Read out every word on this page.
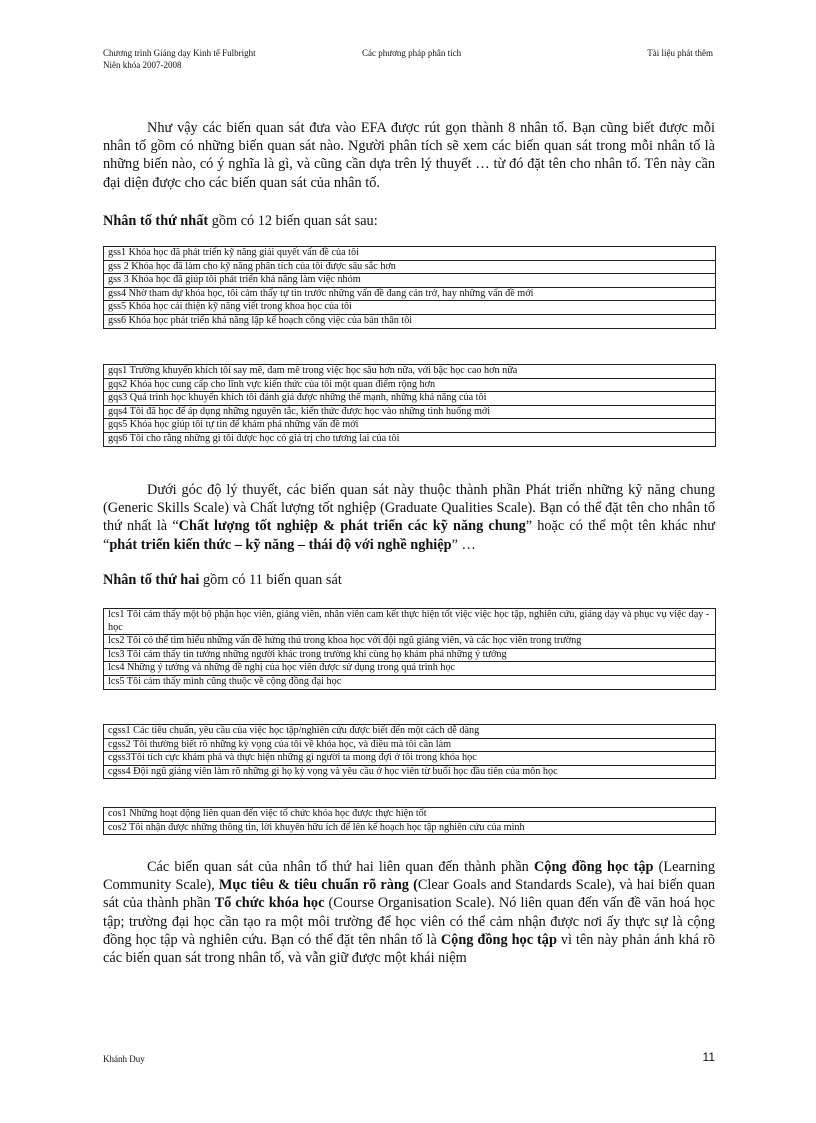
Chương trình Giảng dạy Kinh tế Fulbright
Niên khóa 2007-2008
Các phương pháp phân tích	Tài liệu phát thêm

Như vậy các biến quan sát đưa vào EFA được rút gọn thành 8 nhân tố. Bạn cũng biết được mỗi nhân tố gồm có những biến quan sát nào. Người phân tích sẽ xem các biến quan sát trong mỗi nhân tố là những biến nào, có ý nghĩa là gì, và cũng cần dựa trên lý thuyết … từ đó đặt tên cho nhân tố. Tên này cần đại diện được cho các biến quan sát của nhân tố.

Nhân tố thứ nhất gồm có 12 biến quan sát sau:
gss1 Khóa học đã phát triển kỹ năng giải quyết vấn đề của tôi
gss 2 Khóa học đã làm cho kỹ năng phân tích của tôi được sâu sắc hơn
gss 3 Khóa học đã giúp tôi phát triển khả năng làm việc nhóm
gss4 Nhờ tham dự khóa học, tôi cảm thấy tự tin trước những vấn đề đang cản trở, hay những vấn đề mới
gss5 Khóa học cải thiện kỹ năng viết trong khoa học của tôi
gss6 Khóa học phát triển khả năng lập kế hoạch công việc của bản thân tôi
gqs1 Trường khuyến khích tôi say mê, đam mê trong việc học sâu hơn nữa, với bậc học cao hơn nữa
gqs2 Khóa học cung cấp cho lĩnh vực kiến thức của tôi một quan điểm rộng hơn
gqs3 Quá trình học khuyến khích tôi đánh giá được những thế mạnh, những khả năng của tôi
gqs4 Tôi đã học để áp dụng những nguyên tắc, kiến thức được học vào những tình huống mới
gqs5 Khóa học giúp tôi tự tin để khám phá những vấn đề mới
gqs6 Tôi cho rằng những gì tôi được học có giá trị cho tương lai của tôi

Dưới góc độ lý thuyết, các biến quan sát này thuộc thành phần Phát triển những kỹ năng chung (Generic Skills Scale) và Chất lượng tốt nghiệp (Graduate Qualities Scale). Bạn có thể đặt tên cho nhân tố thứ nhất là “Chất lượng tốt nghiệp & phát triển các kỹ năng chung” hoặc có thể một tên khác như “phát triển kiến thức – kỹ năng – thái độ với nghề nghiệp” …

Nhân tố thứ hai gồm có 11 biến quan sát
lcs1 Tôi cảm thấy một bộ phận học viên, giảng viên, nhân viên cam kết thực hiện tốt việc việc học tập, nghiên cứu, giảng dạy và phục vụ việc dạy - học
lcs2 Tôi có thể tìm hiểu những vấn đề hứng thú trong khoa học với đội ngũ giảng viên, và các học viên trong trường
lcs3 Tôi cảm thấy tin tưởng những người khác trong trường khi cùng họ khám phá những ý tưởng
lcs4 Những ý tưởng và những đề nghị của học viên được sử dụng trong quá trình học
lcs5 Tôi cảm thấy mình cũng thuộc về cộng đồng đại học
cgss1 Các tiêu chuẩn, yêu cầu của việc học tập/nghiên cứu được biết đến một cách dễ dàng
cgss2 Tôi thường biết rõ những kỳ vọng của tôi về khóa học, và điều mà tôi cần làm
cgss3Tôi tích cực khám phá và thực hiện những gì người ta mong đợi ở tôi trong khóa học
cgss4 Đội ngũ giảng viên làm rõ những gì họ kỳ vọng và yêu cầu ở học viên từ buổi học đầu tiên của môn học
cos1 Những hoạt động liên quan đến việc tổ chức khóa học được thực hiện tốt
cos2 Tôi nhận được những thông tin, lời khuyên hữu ích để lên kế hoạch học tập nghiên cứu của mình

Các biến quan sát của nhân tố thứ hai liên quan đến thành phần Cộng đồng học tập (Learning Community Scale), Mục tiêu & tiêu chuẩn rõ ràng (Clear Goals and Standards Scale), và hai biến quan sát của thành phần Tổ chức khóa học (Course Organisation Scale). Nó liên quan đến vấn đề văn hoá học tập; trường đại học cần tạo ra một môi trường để học viên có thể cảm nhận được nơi ấy thực sự là cộng đồng học tập và nghiên cứu. Bạn có thể đặt tên nhân tố là Cộng đồng học tập vì tên này phản ánh khá rõ các biến quan sát trong nhân tố, và vẫn giữ được một khái niệm

Khánh Duy	11
